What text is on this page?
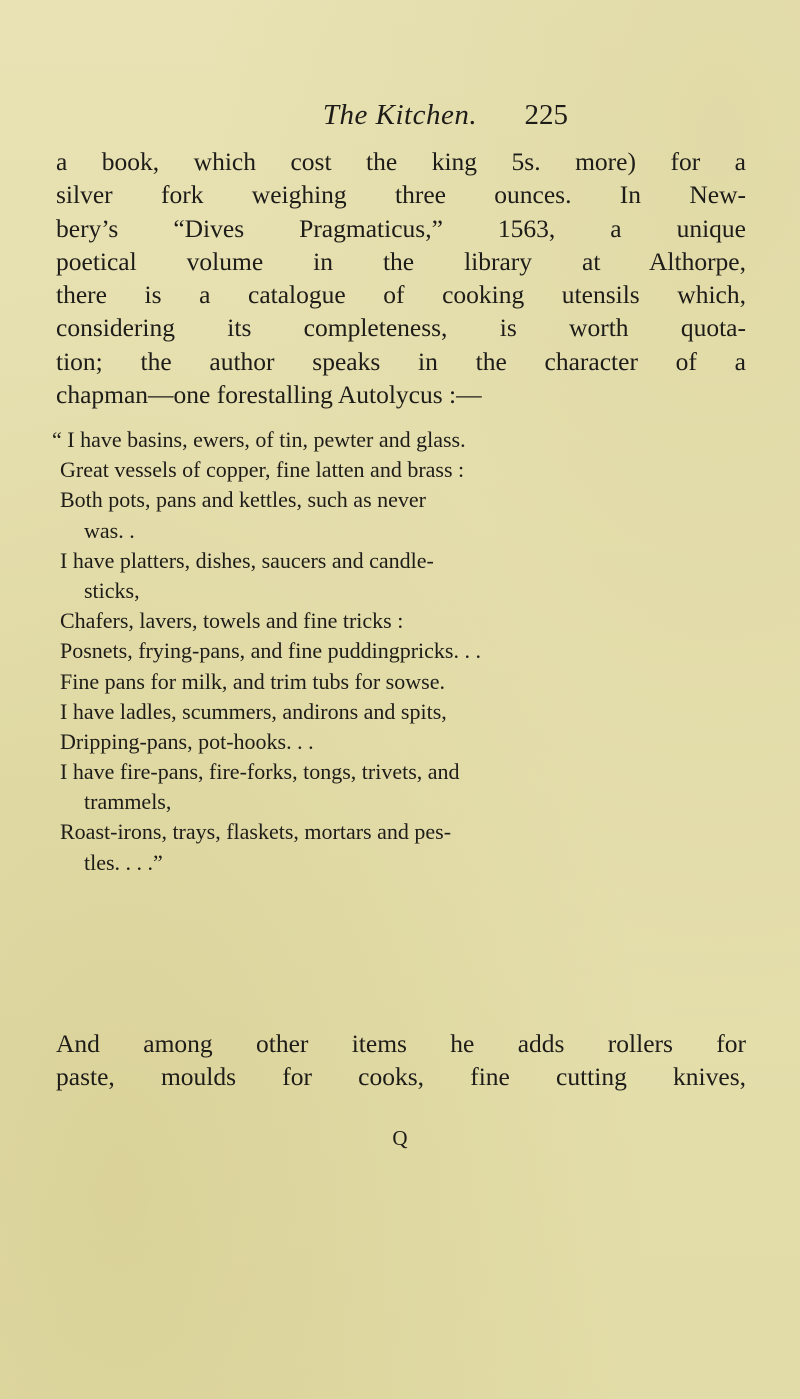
The Kitchen.	225
a book, which cost the king 5s. more) for a
silver fork weighing three ounces. In New-
bery’s “Dives Pragmaticus,” 1563, a unique
poetical volume in the library at Althorpe,
there is a catalogue of cooking utensils which,
considering its completeness, is worth quota-
tion; the author speaks in the character of a
chapman—one forestalling Autolycus :—
“ I have basins, ewers, of tin, pewter and glass.
Great vessels of copper, fine latten and brass :
Both pots, pans and kettles, such as never
was. .
I have platters, dishes, saucers and candle-
sticks,
Chafers, lavers, towels and fine tricks :
Posnets, frying-pans, and fine puddingpricks. . .
Fine pans for milk, and trim tubs for sowse.
I have ladles, scummers, andirons and spits,
Dripping-pans, pot-hooks. . .
I have fire-pans, fire-forks, tongs, trivets, and
trammels,
Roast-irons, trays, flaskets, mortars and pes-
tles. . . .”
And among other items he adds rollers for
paste, moulds for cooks, fine cutting knives,
Q
